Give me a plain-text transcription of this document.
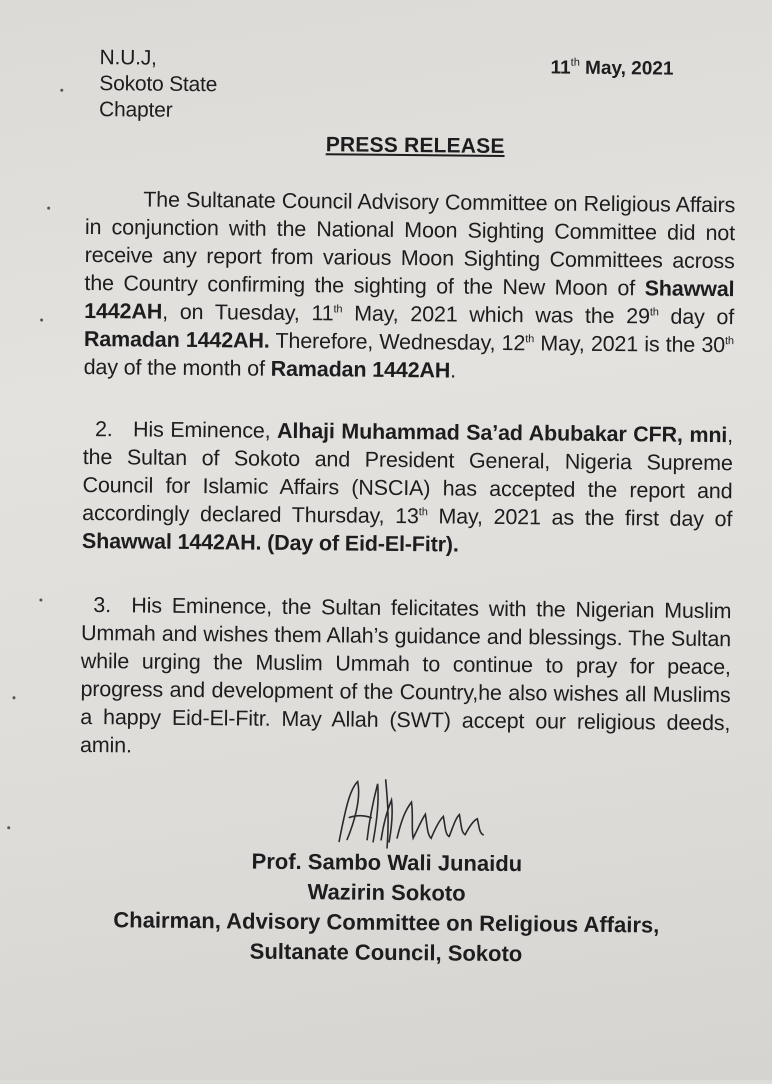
N.U.J,
Sokoto State
Chapter
11th May, 2021
PRESS RELEASE

The Sultanate Council Advisory Committee on Religious Affairs in conjunction with the National Moon Sighting Committee did not receive any report from various Moon Sighting Committees across the Country confirming the sighting of the New Moon of Shawwal 1442AH, on Tuesday, 11th May, 2021 which was the 29th day of Ramadan 1442AH. Therefore, Wednesday, 12th May, 2021 is the 30th day of the month of Ramadan 1442AH.

2. His Eminence, Alhaji Muhammad Sa’ad Abubakar CFR, mni, the Sultan of Sokoto and President General, Nigeria Supreme Council for Islamic Affairs (NSCIA) has accepted the report and accordingly declared Thursday, 13th May, 2021 as the first day of Shawwal 1442AH. (Day of Eid-El-Fitr).

3. His Eminence, the Sultan felicitates with the Nigerian Muslim Ummah and wishes them Allah’s guidance and blessings. The Sultan while urging the Muslim Ummah to continue to pray for peace, progress and development of the Country,he also wishes all Muslims a happy Eid-El-Fitr. May Allah (SWT) accept our religious deeds, amin.

Prof. Sambo Wali Junaidu
Wazirin Sokoto
Chairman, Advisory Committee on Religious Affairs,
Sultanate Council, Sokoto
